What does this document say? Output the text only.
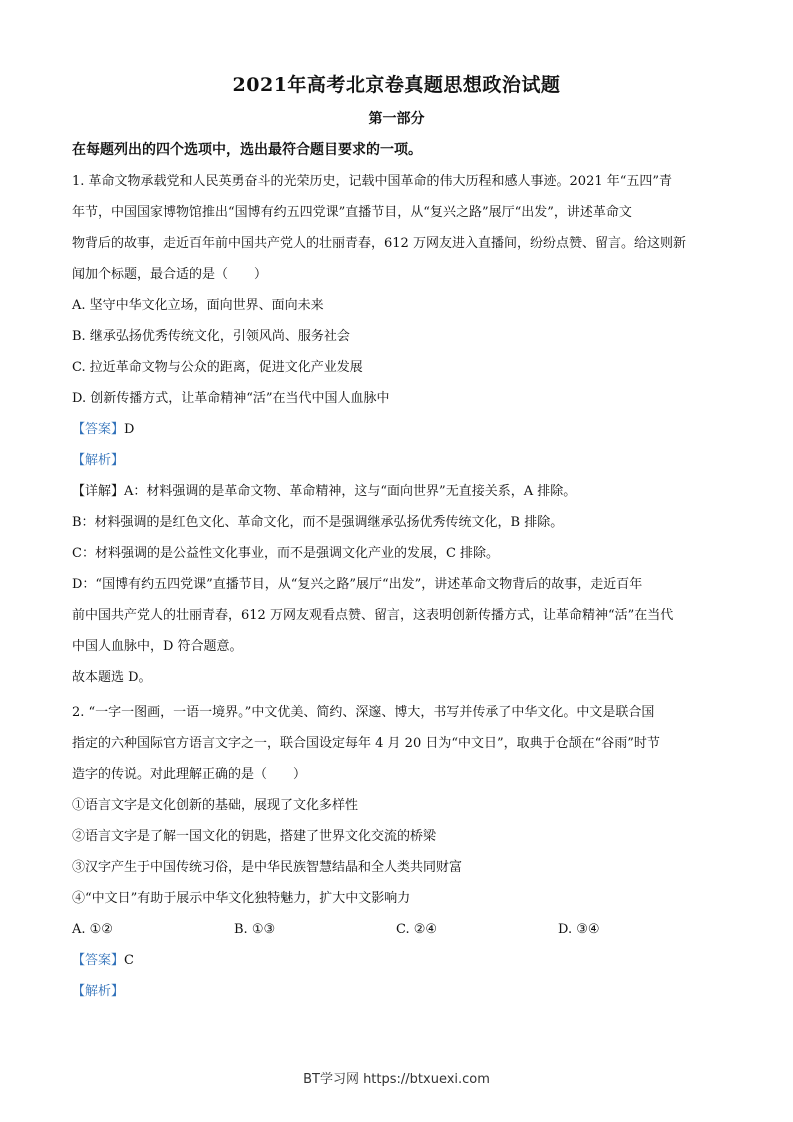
2021年高考北京卷真题思想政治试题
第一部分
在每题列出的四个选项中，选出最符合题目要求的一项。
1. 革命文物承载党和人民英勇奋斗的光荣历史，记载中国革命的伟大历程和感人事迹。2021 年“五四”青
年节，中国国家博物馆推出“国博有约五四党课”直播节目，从“复兴之路”展厅“出发”，讲述革命文
物背后的故事，走近百年前中国共产党人的壮丽青春，612 万网友进入直播间，纷纷点赞、留言。给这则新
闻加个标题，最合适的是（　　）
A. 坚守中华文化立场，面向世界、面向未来
B. 继承弘扬优秀传统文化，引领风尚、服务社会
C. 拉近革命文物与公众的距离，促进文化产业发展
D. 创新传播方式，让革命精神“活”在当代中国人血脉中
【答案】D
【解析】
【详解】A：材料强调的是革命文物、革命精神，这与“面向世界”无直接关系，A 排除。
B：材料强调的是红色文化、革命文化，而不是强调继承弘扬优秀传统文化，B 排除。
C：材料强调的是公益性文化事业，而不是强调文化产业的发展，C 排除。
D：“国博有约五四党课”直播节目，从“复兴之路”展厅“出发”，讲述革命文物背后的故事，走近百年
前中国共产党人的壮丽青春，612 万网友观看点赞、留言，这表明创新传播方式，让革命精神“活”在当代
中国人血脉中，D 符合题意。
故本题选 D。
2. “一字一图画，一语一境界。”中文优美、简约、深邃、博大，书写并传承了中华文化。中文是联合国
指定的六种国际官方语言文字之一，联合国设定每年 4 月 20 日为“中文日”，取典于仓颉在“谷雨”时节
造字的传说。对此理解正确的是（　　）
①语言文字是文化创新的基础，展现了文化多样性
②语言文字是了解一国文化的钥匙，搭建了世界文化交流的桥梁
③汉字产生于中国传统习俗，是中华民族智慧结晶和全人类共同财富
④“中文日”有助于展示中华文化独特魅力，扩大中文影响力
A. ①②	B. ①③	C. ②④	D. ③④
【答案】C
【解析】
BT学习网 https://btxuexi.com
